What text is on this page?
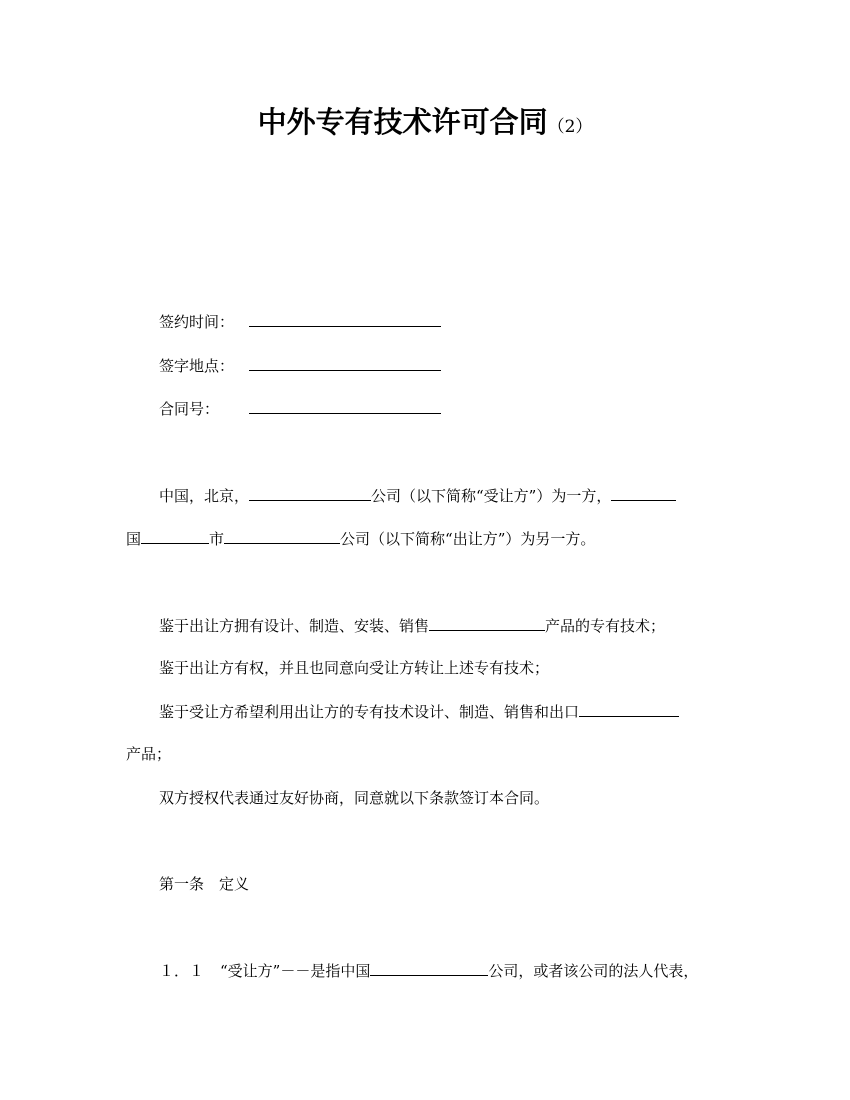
中外专有技术许可合同（2）
签约时间：
签字地点：
合同号：
中国，北京，	公司（以下简称“受让方”）为一方，
国	市	公司（以下简称“出让方”）为另一方。
鉴于出让方拥有设计、制造、安装、销售	产品的专有技术；
鉴于出让方有权，并且也同意向受让方转让上述专有技术；
鉴于受让方希望利用出让方的专有技术设计、制造、销售和出口
产品；
双方授权代表通过友好协商，同意就以下条款签订本合同。
第一条　定义
１．１ “受让方”－－是指中国	公司，或者该公司的法人代表，
